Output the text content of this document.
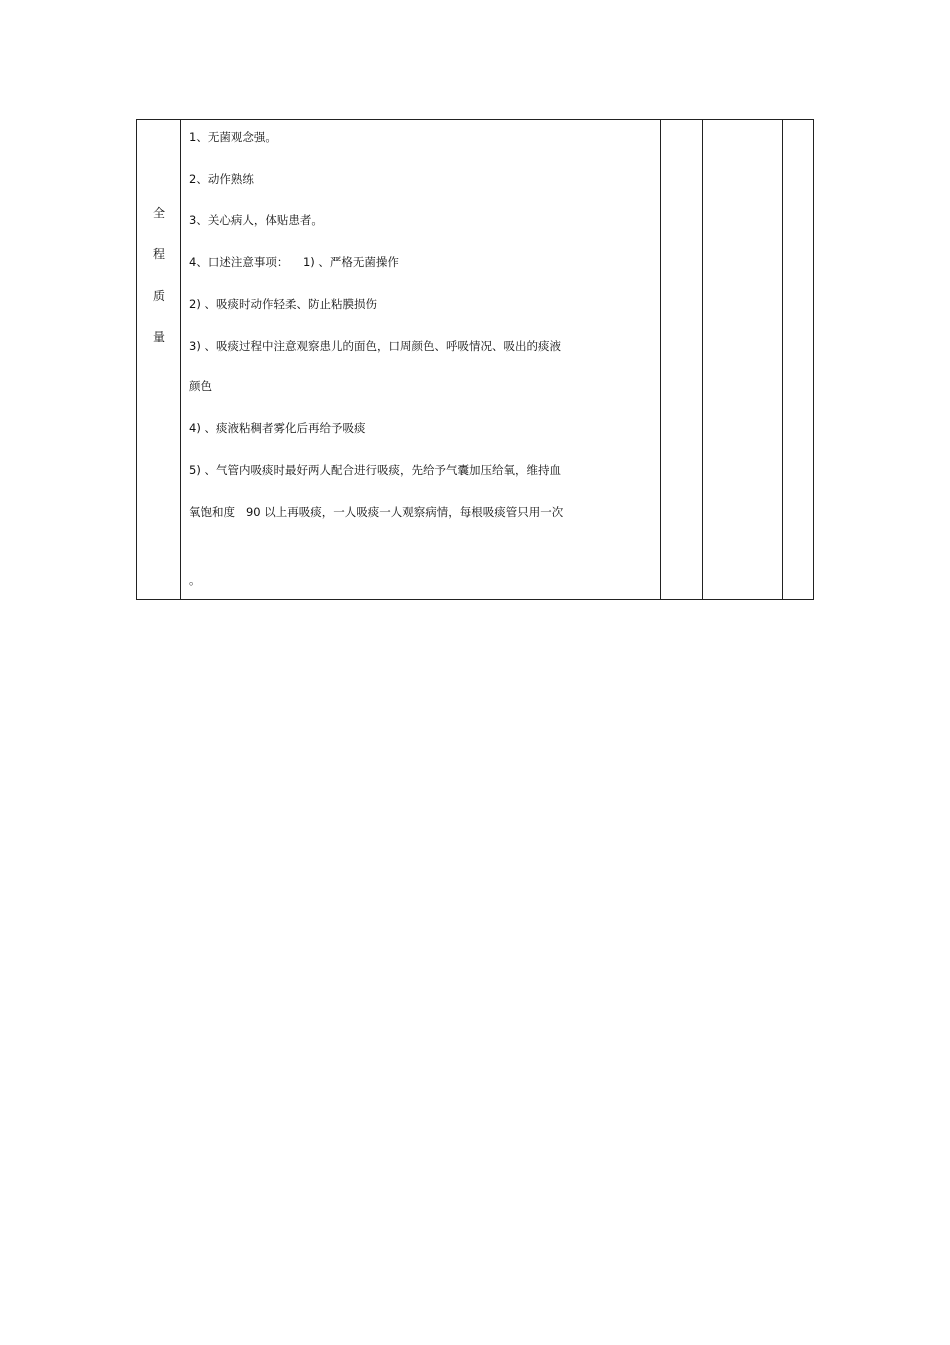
全
程
质
量
1、无菌观念强。
2、动作熟练
3、关心病人，体贴患者。
4、口述注意事项：    1) 、严格无菌操作
2) 、吸痰时动作轻柔、防止粘膜损伤
3) 、吸痰过程中注意观察患儿的面色，口周颜色、呼吸情况、吸出的痰液
颜色
4) 、痰液粘稠者雾化后再给予吸痰
5) 、气管内吸痰时最好两人配合进行吸痰，先给予气囊加压给氧，维持血
氧饱和度   90 以上再吸痰，一人吸痰一人观察病情，每根吸痰管只用一次
。
